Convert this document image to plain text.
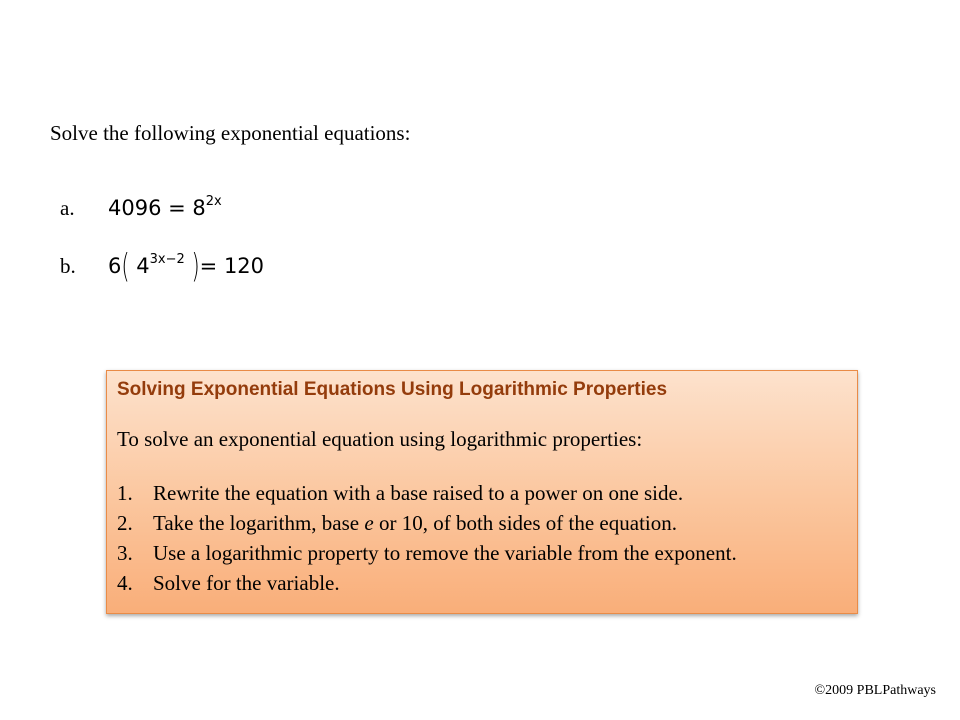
Solve the following exponential equations:
a. $4096 = 8^{2x}$
b. 6( $4^{3x-2}$ )= 120
Solving Exponential Equations Using Logarithmic Properties
To solve an exponential equation using logarithmic properties:
1. Rewrite the equation with a base raised to a power on one side.
2. Take the logarithm, base e or 10, of both sides of the equation.
3. Use a logarithmic property to remove the variable from the exponent.
4. Solve for the variable.
©2009 PBLPathways
